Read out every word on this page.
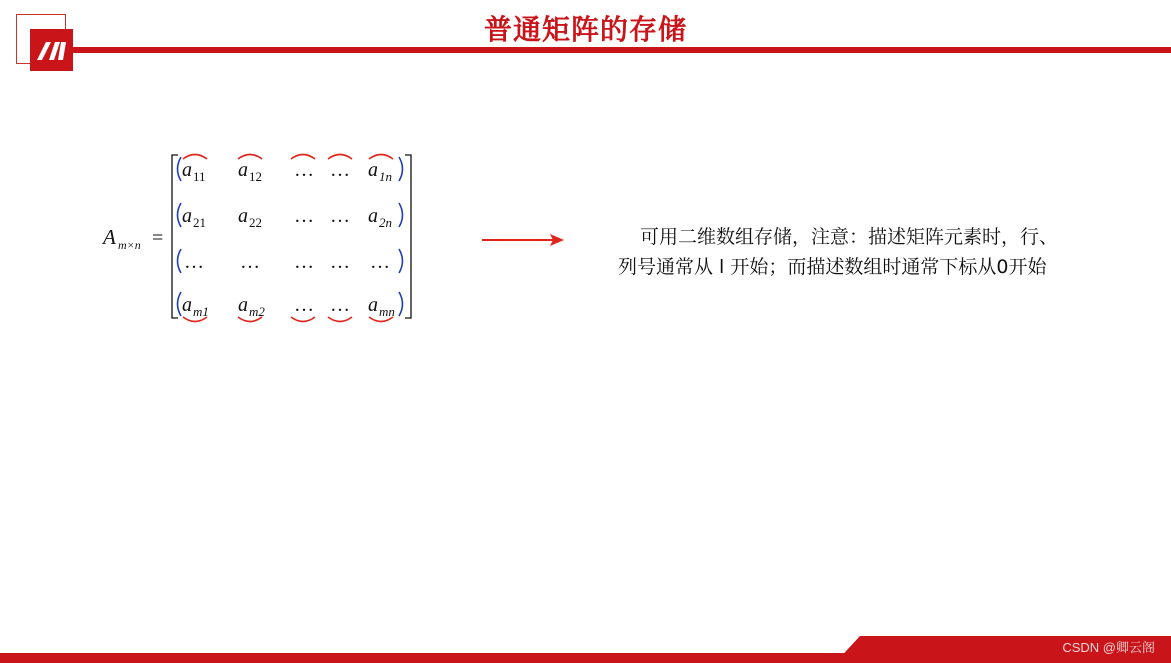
普通矩阵的存储
A m×n =
$a_{11}$ $a_{12}$ … … $a_{1n}$
$a_{21}$ $a_{22}$ … … $a_{2n}$
… … … … …
$a_{m1}$ $a_{m2}$ … … $a_{mn}$
可用二维数组存储，注意：描述矩阵元素时，行、
列号通常从 l 开始；而描述数组时通常下标从0开始
CSDN @卿云阁
